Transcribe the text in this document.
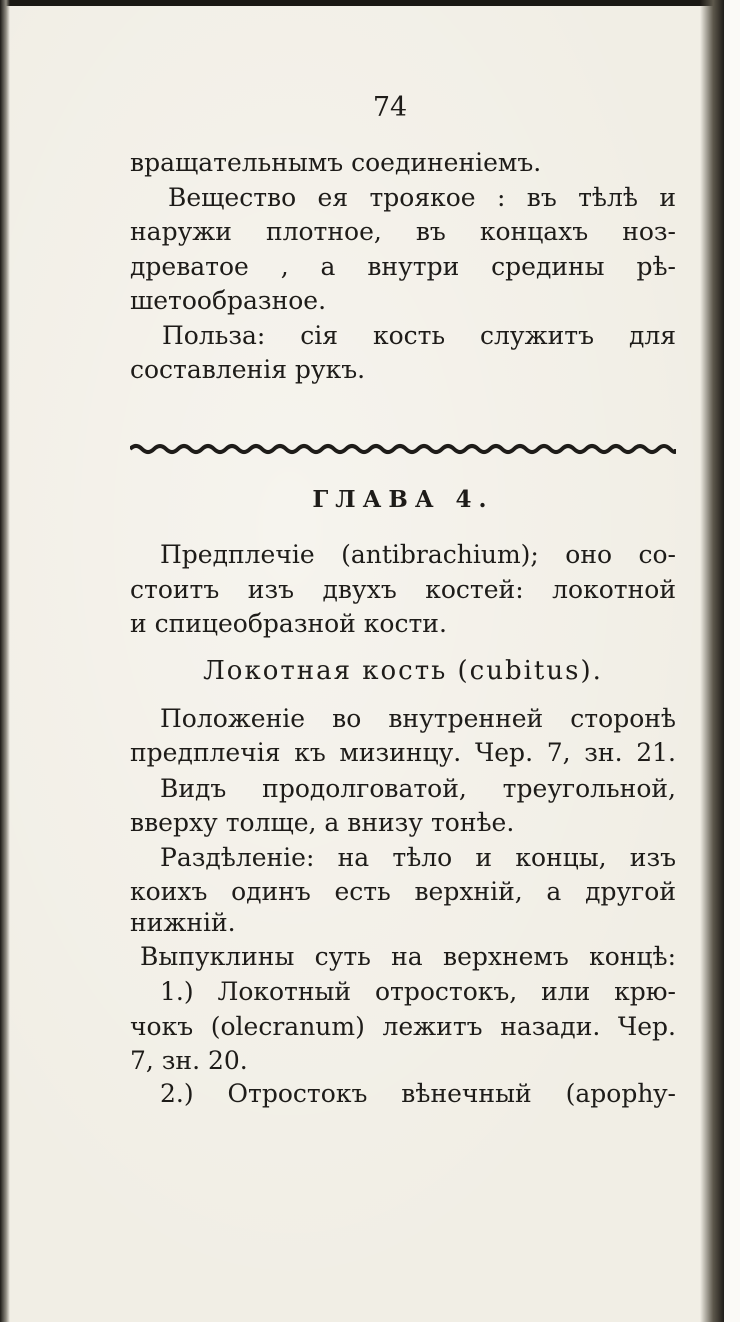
74
вращательнымъ соединеніемъ.
Вещество ея троякое : въ тѣлѣ и
наружи плотное, въ концахъ ноз-
древатое , а внутри средины рѣ-
шетообразное.
Польза: сія кость служитъ для
составленія рукъ.
ГЛАВА 4.
Предплечіе (antibrachium); оно со-
стоитъ изъ двухъ костей: локотной
и спицеобразной кости.
Локотная кость (cubitus).
Положеніе во внутренней сторонѣ
предплечія къ мизинцу. Чер. 7, зн. 21.
Видъ продолговатой, треугольной,
вверху толще, а внизу тонѣе.
Раздѣленіе: на тѣло и концы, изъ
коихъ одинъ есть верхній, а другой
нижній.
Выпуклины суть на верхнемъ концѣ:
1.) Локотный отростокъ, или крю-
чокъ (olecranum) лежитъ назади. Чер.
7, зн. 20.
2.) Отростокъ вѣнечный (apophy-
